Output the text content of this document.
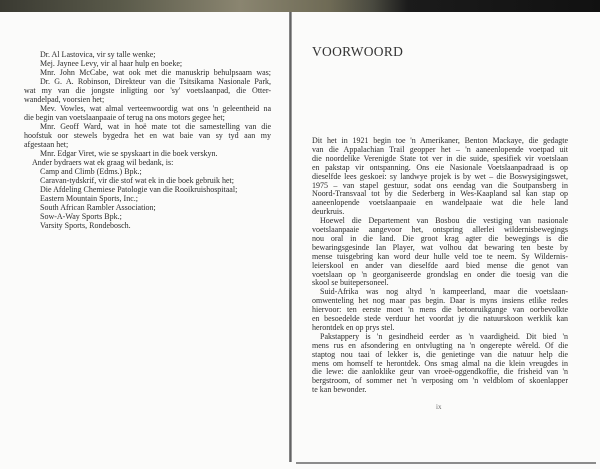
Dr. Al Lastovica, vir sy talle wenke;
Mej. Jaynee Levy, vir al haar hulp en boeke;
Mnr. John McCabe, wat ook met die manuskrip behulpsaam was;
Dr. G. A. Robinson, Direkteur van die Tsitsikama Nasionale Park,
wat my van die jongste inligting oor 'sy' voetslaanpad, die Otter-
wandelpad, voorsien het;
Mev. Vowles, wat almal verteenwoordig wat ons 'n geleentheid na
die begin van voetslaanpaaie of terug na ons motors gegee het;
Mnr. Geoff Ward, wat in hoë mate tot die samestelling van die
hoofstuk oor stewels bygedra het en wat baie van sy tyd aan my
afgestaan het;
Mnr. Edgar Viret, wie se spyskaart in die boek verskyn.
Ander bydraers wat ek graag wil bedank, is:
Camp and Climb (Edms.) Bpk.;
Caravan-tydskrif, vir die stof wat ek in die boek gebruik het;
Die Afdeling Chemiese Patologie van die Rooikruishospitaal;
Eastern Mountain Sports, Inc.;
South African Rambler Association;
Sow-A-Way Sports Bpk.;
Varsity Sports, Rondebosch.
VOORWOORD
ix
Dit het in 1921 begin toe 'n Amerikaner, Benton Mackaye, die gedagte
van die Appalachian Trail geopper het – 'n aaneenlopende voetpad uit
die noordelike Verenigde State tot ver in die suide, spesifiek vir voetslaan
en pakstap vir ontspanning. Ons eie Nasionale Voetslaanpadraad is op
dieselfde lees geskoei: sy landwye projek is by wet – die Boswysigingswet,
1975 – van stapel gestuur, sodat ons eendag van die Soutpansberg in
Noord-Transvaal tot by die Sederberg in Wes-Kaapland sal kan stap op
aaneenlopende voetslaanpaaie en wandelpaaie wat die hele land
deurkruis.
Hoewel die Departement van Bosbou die vestiging van nasionale
voetslaanpaaie aangevoor het, ontspring allerlei wildernisbewegings
nou oral in die land. Die groot krag agter die bewegings is die
bewaringsgesinde Ian Player, wat volhou dat bewaring ten beste by
mense tuisgebring kan word deur hulle veld toe te neem. Sy Wildernis-
leierskool en ander van dieselfde aard bied mense die genot van
voetslaan op 'n georganiseerde grondslag en onder die toesig van die
skool se buitepersoneel.
Suid-Afrika was nog altyd 'n kampeerland, maar die voetslaan-
omwenteling het nog maar pas begin. Daar is myns insiens etlike redes
hiervoor: ten eerste moet 'n mens die betonruikgange van oorbevolkte
en besoedelde stede verduur het voordat jy die natuurskoon werklik kan
herontdek en op prys stel.
Pakstappery is 'n gesindheid eerder as 'n vaardigheid. Dit bied 'n
mens rus en afsondering en ontvlugting na 'n ongerepte wêreld. Of die
staptog nou taai of lekker is, die genietinge van die natuur help die
mens om homself te herontdek. Ons smag almal na die klein vreugdes in
die lewe: die aanloklike geur van vroeë-oggendkoffie, die frisheid van 'n
bergstroom, of sommer net 'n verposing om 'n veldblom of skoenlapper
te kan bewonder.
